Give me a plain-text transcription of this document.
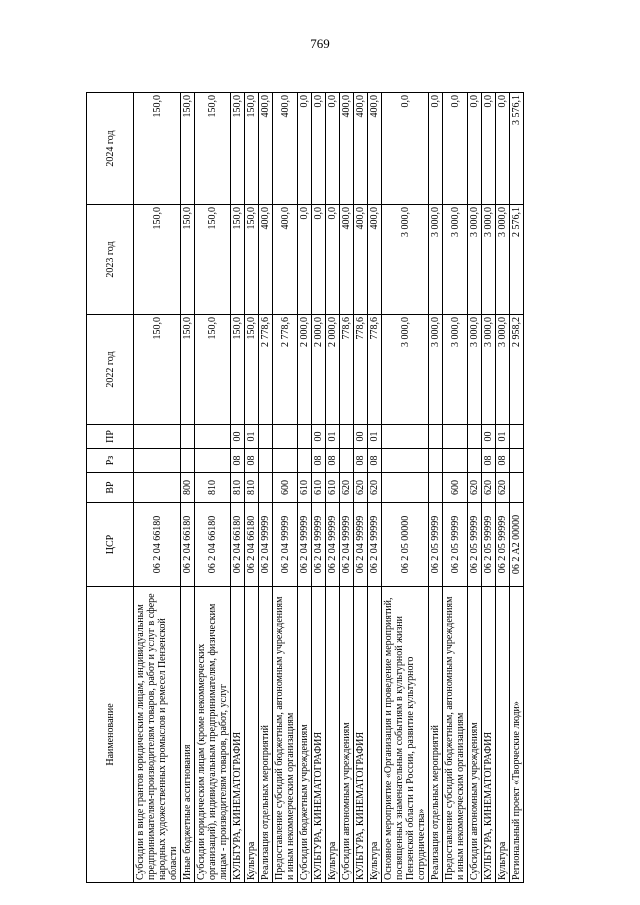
769
Наименование	ЦСР	ВР	Рз	ПР	2022 год	2023 год	2024 год
Субсидии в виде грантов юридическим лицам, индивидуальным предпринимателям-производителям товаров, работ и услуг в сфере народных художественных промыслов и ремесел Пензенской области	06 2 04 66180				150,0	150,0	150,0
Иные бюджетные ассигнования	06 2 04 66180	800			150,0	150,0	150,0
Субсидии юридическим лицам (кроме некоммерческих организаций), индивидуальным предпринимателям, физическим лицам - производителям товаров, работ, услуг	06 2 04 66180	810			150,0	150,0	150,0
КУЛЬТУРА, КИНЕМАТОГРАФИЯ	06 2 04 66180	810	08	00	150,0	150,0	150,0
Культура	06 2 04 66180	810	08	01	150,0	150,0	150,0
Реализация отдельных мероприятий	06 2 04 99999				2 778,6	400,0	400,0
Предоставление субсидий бюджетным, автономным учреждениям и иным некоммерческим организациям	06 2 04 99999	600			2 778,6	400,0	400,0
Субсидии бюджетным учреждениям	06 2 04 99999	610			2 000,0	0,0	0,0
КУЛЬТУРА, КИНЕМАТОГРАФИЯ	06 2 04 99999	610	08	00	2 000,0	0,0	0,0
Культура	06 2 04 99999	610	08	01	2 000,0	0,0	0,0
Субсидии автономным учреждениям	06 2 04 99999	620			778,6	400,0	400,0
КУЛЬТУРА, КИНЕМАТОГРАФИЯ	06 2 04 99999	620	08	00	778,6	400,0	400,0
Культура	06 2 04 99999	620	08	01	778,6	400,0	400,0
Основное мероприятие «Организация и проведение мероприятий, посвященных знаменательным событиям в культурной жизни Пензенской области и России, развитие культурного сотрудничества»	06 2 05 00000				3 000,0	3 000,0	0,0
Реализация отдельных мероприятий	06 2 05 99999				3 000,0	3 000,0	0,0
Предоставление субсидий бюджетным, автономным учреждениям и иным некоммерческим организациям	06 2 05 99999	600			3 000,0	3 000,0	0,0
Субсидии автономным учреждениям	06 2 05 99999	620			3 000,0	3 000,0	0,0
КУЛЬТУРА, КИНЕМАТОГРАФИЯ	06 2 05 99999	620	08	00	3 000,0	3 000,0	0,0
Культура	06 2 05 99999	620	08	01	3 000,0	3 000,0	0,0
Региональный проект «Творческие люди»	06 2 A2 00000				2 958,2	2 576,1	3 576,1
